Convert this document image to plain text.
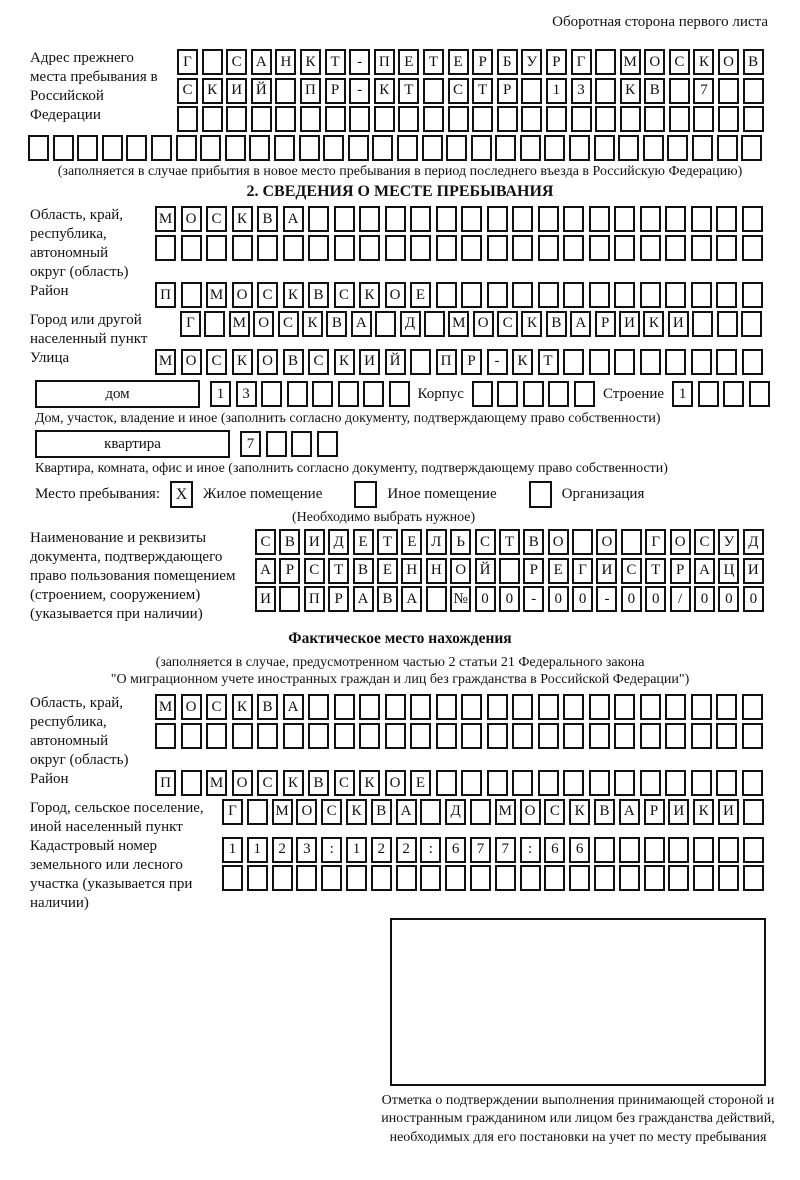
Оборотная сторона первого листа
Адрес прежнего места пребывания в Российской Федерации
Г	С А Н К	Т	-	П Е	Т	Е	Р	Б У	Р	Г	М О С К О В
С К И Й	П	Р	-	К	Т	С	Т	Р	1	3	К В	7
(заполняется в случае прибытия в новое место пребывания в период последнего въезда в Российскую Федерацию)
2. СВЕДЕНИЯ О МЕСТЕ ПРЕБЫВАНИЯ
Область, край, республика, автономный округ (область)
М О	С	К	В	А
Район	П	М О	С	К	В	С	К	О	Е
Город или другой населенный пункт
Г	М О С К В А	Д	М О С К В А Р И К И
Улица	М О	С	К	О	В	С	К	И Й	П	Р	-	К	Т
дом	1	3	Корпус	Строение 1
Дом, участок, владение и иное (заполнить согласно документу, подтверждающему право собственности)
квартира	7
Квартира, комната, офис и иное (заполнить согласно документу, подтверждающему право собственности)
Место пребывания: X	Жилое помещение	Иное помещение	Организация
(Необходимо выбрать нужное)
Наименование и реквизиты документа, подтверждающего право пользования помещением (строением, сооружением) (указывается при наличии)
С В И Д Е	Т	Е Л Ь	С Т В О	О	Г О С У Д
А Р	С Т В Е Н Н О Й	Р	Е	Г И С Т	Р А Ц И
И	П Р А В А	№ 0	0	-	0	0	-	0	0	/	0	0	0
Фактическое место нахождения
(заполняется в случае, предусмотренном частью 2 статьи 21 Федерального закона
"О миграционном учете иностранных граждан и лиц без гражданства в Российской Федерации")
Область, край, республика, автономный округ (область)
М О	С	К	В	А
Район	П	М О	С	К	В	С	К	О	Е
Город, сельское поселение, иной населенный пункт
Г	М О С К В А	Д	М О С К В А	Р	И К И
Кадастровый номер земельного или лесного участка (указывается при наличии)
1	1	2	3	:	1	2	2	:	6	7	7	:	6	6
Отметка о подтверждении выполнения принимающей стороной и иностранным гражданином или лицом без гражданства действий, необходимых для его постановки на учет по месту пребывания
